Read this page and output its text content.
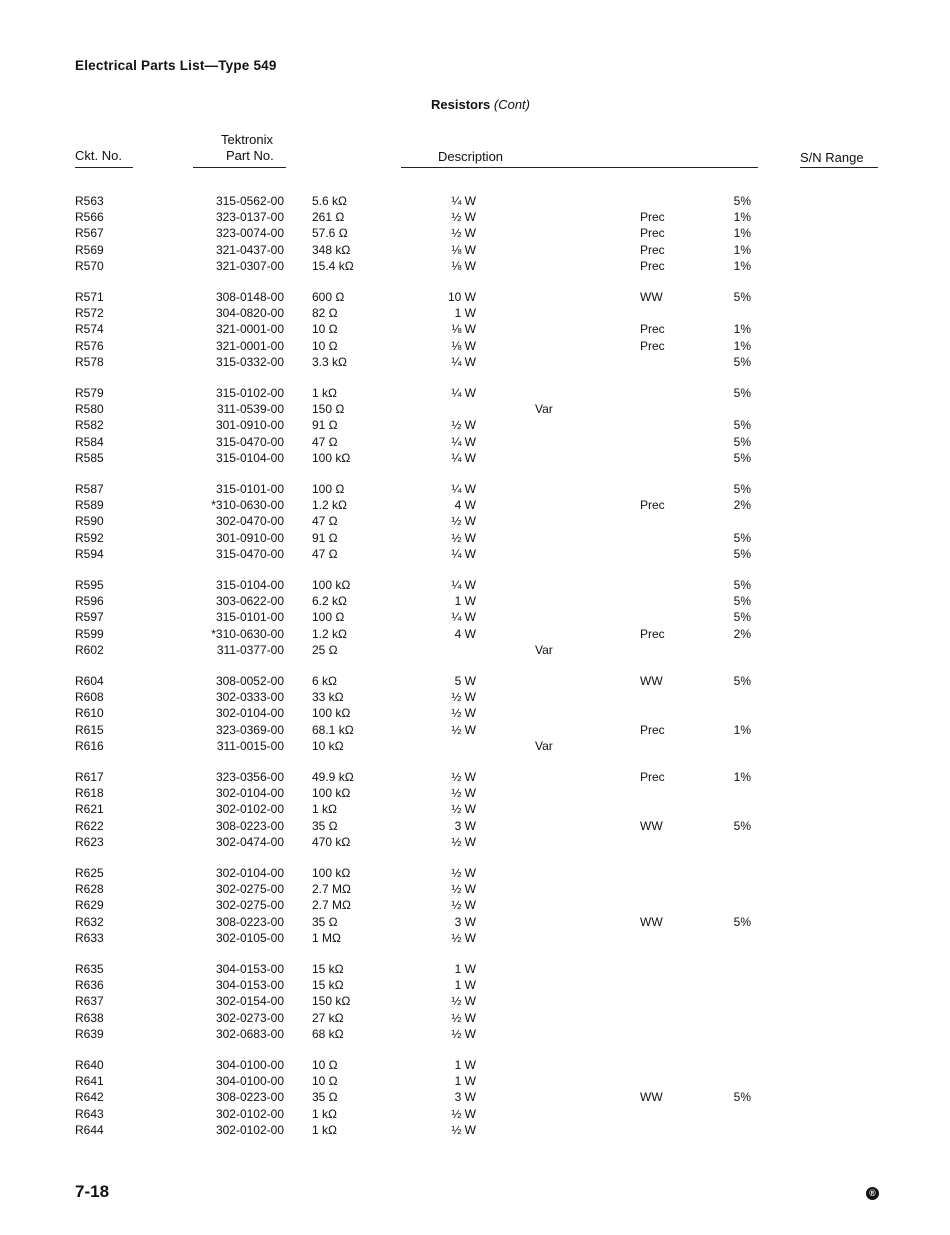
Electrical Parts List—Type 549
Resistors (Cont)
Ckt. No.
Tektronix
Part No.	Description	S/N Range
R563	315-0562-00 5.6 kΩ	¼ W	5%
R566	323-0137-00 261 Ω	½ W	Prec	1%
R567	323-0074-00 57.6 Ω	½ W	Prec	1%
R569	321-0437-00 348 kΩ	⅛ W	Prec	1%
R570	321-0307-00 15.4 kΩ	⅛ W	Prec	1%
R571	308-0148-00 600 Ω	10 W	WW	5%
R572	304-0820-00 82 Ω	1 W
R574	321-0001-00 10 Ω	⅛ W	Prec	1%
R576	321-0001-00 10 Ω	⅛ W	Prec	1%
R578	315-0332-00 3.3 kΩ	¼ W	5%
R579	315-0102-00 1 kΩ	¼ W	5%
R580	311-0539-00 150 Ω	Var
R582	301-0910-00 91 Ω	½ W	5%
R584	315-0470-00 47 Ω	¼ W	5%
R585	315-0104-00 100 kΩ	¼ W	5%
R587	315-0101-00 100 Ω	¼ W	5%
R589	*310-0630-00 1.2 kΩ	4 W	Prec	2%
R590	302-0470-00 47 Ω	½ W
R592	301-0910-00 91 Ω	½ W	5%
R594	315-0470-00 47 Ω	¼ W	5%
R595	315-0104-00 100 kΩ	¼ W	5%
R596	303-0622-00 6.2 kΩ	1 W	5%
R597	315-0101-00 100 Ω	¼ W	5%
R599	*310-0630-00 1.2 kΩ	4 W	Prec	2%
R602	311-0377-00 25 Ω	Var
R604	308-0052-00 6 kΩ	5 W	WW	5%
R608	302-0333-00 33 kΩ	½ W
R610	302-0104-00 100 kΩ	½ W
R615	323-0369-00 68.1 kΩ	½ W	Prec	1%
R616	311-0015-00 10 kΩ	Var
R617	323-0356-00 49.9 kΩ	½ W	Prec	1%
R618	302-0104-00 100 kΩ	½ W
R621	302-0102-00 1 kΩ	½ W
R622	308-0223-00 35 Ω	3 W	WW	5%
R623	302-0474-00 470 kΩ	½ W
R625	302-0104-00 100 kΩ	½ W
R628	302-0275-00 2.7 MΩ	½ W
R629	302-0275-00 2.7 MΩ	½ W
R632	308-0223-00 35 Ω	3 W	WW	5%
R633	302-0105-00 1 MΩ	½ W
R635	304-0153-00 15 kΩ	1 W
R636	304-0153-00 15 kΩ	1 W
R637	302-0154-00 150 kΩ	½ W
R638	302-0273-00 27 kΩ	½ W
R639	302-0683-00 68 kΩ	½ W
R640	304-0100-00 10 Ω	1 W
R641	304-0100-00 10 Ω	1 W
R642	308-0223-00 35 Ω	3 W	WW	5%
R643	302-0102-00 1 kΩ	½ W
R644	302-0102-00 1 kΩ	½ W
7-18	®
